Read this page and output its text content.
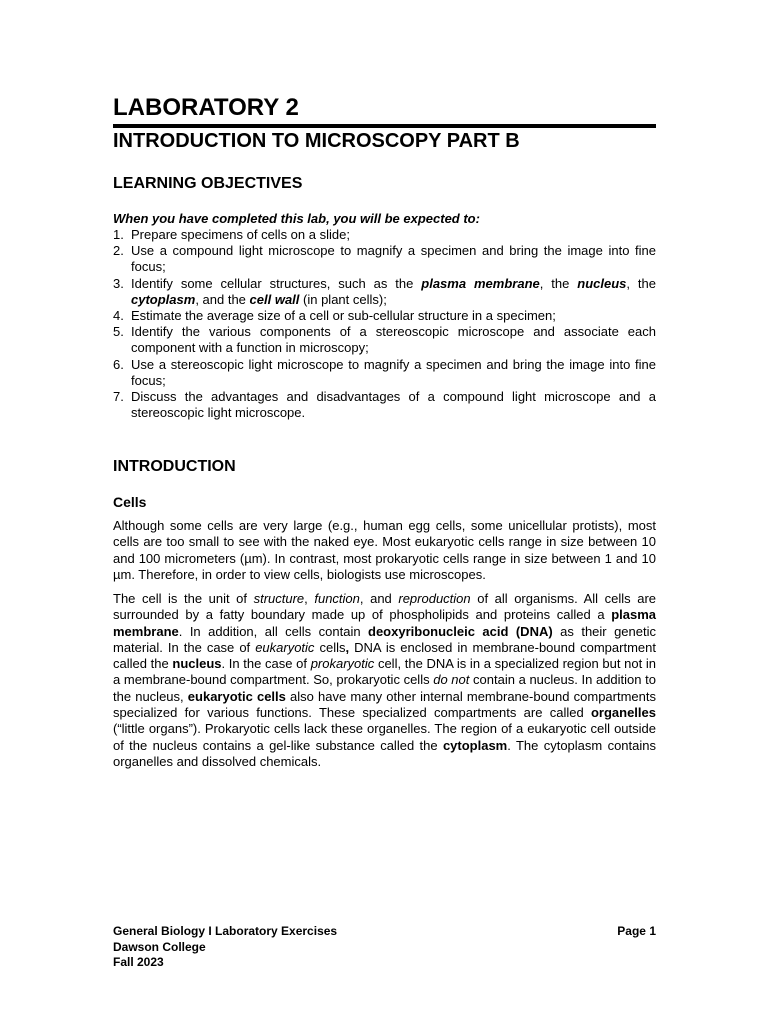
LABORATORY 2
INTRODUCTION TO MICROSCOPY PART B
LEARNING OBJECTIVES

When you have completed this lab, you will be expected to:

1. Prepare specimens of cells on a slide;
2. Use a compound light microscope to magnify a specimen and bring the image into fine focus;
3. Identify some cellular structures, such as the plasma membrane, the nucleus, the cytoplasm, and the cell wall (in plant cells);
4. Estimate the average size of a cell or sub-cellular structure in a specimen;
5. Identify the various components of a stereoscopic microscope and associate each component with a function in microscopy;
6. Use a stereoscopic light microscope to magnify a specimen and bring the image into fine focus;
7. Discuss the advantages and disadvantages of a compound light microscope and a stereoscopic light microscope.
INTRODUCTION
Cells

Although some cells are very large (e.g., human egg cells, some unicellular protists), most cells are too small to see with the naked eye. Most eukaryotic cells range in size between 10 and 100 micrometers (µm). In contrast, most prokaryotic cells range in size between 1 and 10 µm. Therefore, in order to view cells, biologists use microscopes.

The cell is the unit of structure, function, and reproduction of all organisms. All cells are surrounded by a fatty boundary made up of phospholipids and proteins called a plasma membrane. In addition, all cells contain deoxyribonucleic acid (DNA) as their genetic material. In the case of eukaryotic cells, DNA is enclosed in membrane-bound compartment called the nucleus. In the case of prokaryotic cell, the DNA is in a specialized region but not in a membrane-bound compartment. So, prokaryotic cells do not contain a nucleus. In addition to the nucleus, eukaryotic cells also have many other internal membrane-bound compartments specialized for various functions. These specialized compartments are called organelles (“little organs”). Prokaryotic cells lack these organelles. The region of a eukaryotic cell outside of the nucleus contains a gel-like substance called the cytoplasm. The cytoplasm contains organelles and dissolved chemicals.

General Biology I Laboratory Exercises
Dawson College
Fall 2023
Page 1
